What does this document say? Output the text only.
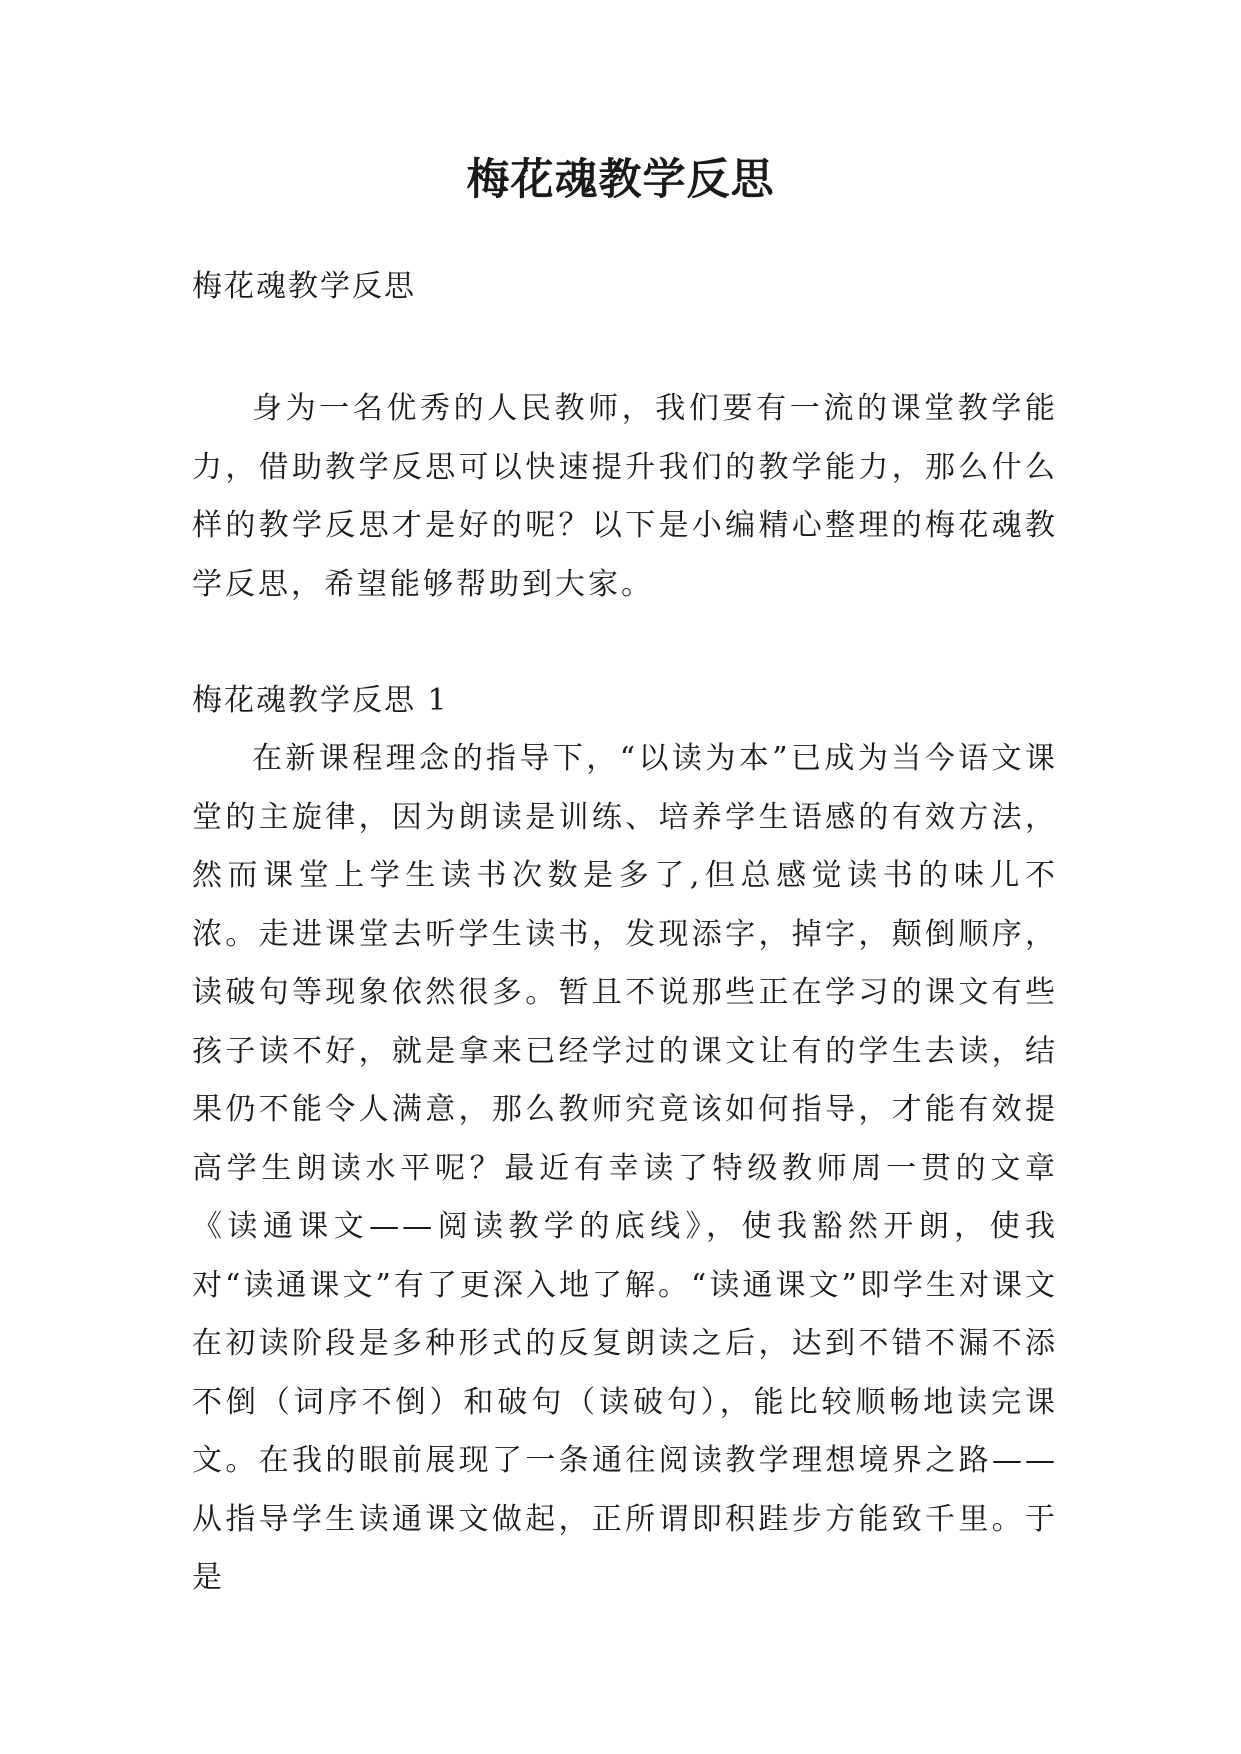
梅花魂教学反思

梅花魂教学反思

身为一名优秀的人民教师，我们要有一流的课堂教学能力，借助教学反思可以快速提升我们的教学能力，那么什么样的教学反思才是好的呢？以下是小编精心整理的梅花魂教学反思，希望能够帮助到大家。

梅花魂教学反思 1

在新课程理念的指导下，“以读为本”已成为当今语文课堂的主旋律，因为朗读是训练、培养学生语感的有效方法，然而课堂上学生读书次数是多了,但总感觉读书的味儿不浓。走进课堂去听学生读书，发现添字，掉字，颠倒顺序，读破句等现象依然很多。暂且不说那些正在学习的课文有些孩子读不好，就是拿来已经学过的课文让有的学生去读，结果仍不能令人满意，那么教师究竟该如何指导，才能有效提高学生朗读水平呢？最近有幸读了特级教师周一贯的文章《读通课文——阅读教学的底线》，使我豁然开朗，使我对“读通课文”有了更深入地了解。“读通课文”即学生对课文在初读阶段是多种形式的反复朗读之后，达到不错不漏不添不倒（词序不倒）和破句（读破句），能比较顺畅地读完课文。在我的眼前展现了一条通往阅读教学理想境界之路——从指导学生读通课文做起，正所谓即积跬步方能致千里。于是
